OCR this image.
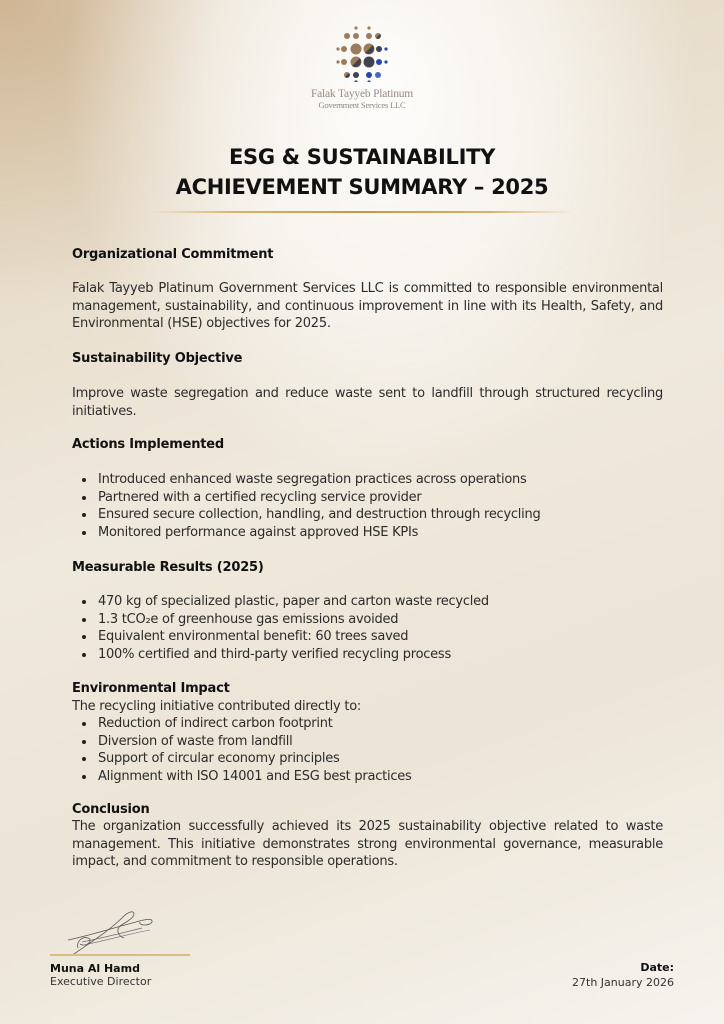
Falak Tayyeb Platinum
Government Services LLC
ESG & SUSTAINABILITY
ACHIEVEMENT SUMMARY – 2025
Organizational Commitment

Falak Tayyeb Platinum Government Services LLC is committed to responsible environmental management, sustainability, and continuous improvement in line with its Health, Safety, and Environmental (HSE) objectives for 2025.

Sustainability Objective

Improve waste segregation and reduce waste sent to landfill through structured recycling initiatives.

Actions Implemented
Introduced enhanced waste segregation practices across operations
Partnered with a certified recycling service provider
Ensured secure collection, handling, and destruction through recycling
Monitored performance against approved HSE KPIs
Measurable Results (2025)
470 kg of specialized plastic, paper and carton waste recycled
1.3 tCO₂e of greenhouse gas emissions avoided
Equivalent environmental benefit: 60 trees saved
100% certified and third-party verified recycling process
Environmental Impact

The recycling initiative contributed directly to:

Reduction of indirect carbon footprint
Diversion of waste from landfill
Support of circular economy principles
Alignment with ISO 14001 and ESG best practices
Conclusion

The organization successfully achieved its 2025 sustainability objective related to waste management. This initiative demonstrates strong environmental governance, measurable impact, and commitment to responsible operations.

Muna Al Hamd
Executive Director
Date:
27th January 2026
